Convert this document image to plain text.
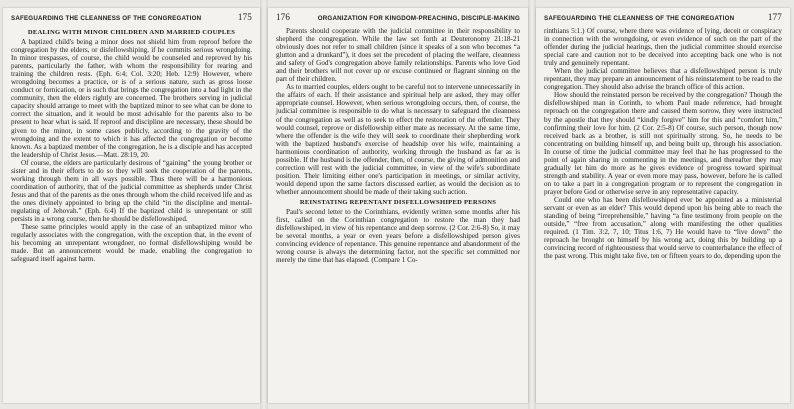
SAFEGUARDING THE CLEANNESS OF THE CONGREGATION	175
DEALING WITH MINOR CHILDREN AND MARRIED COUPLES

A baptized child's being a minor does not shield him from reproof before the congregation by the elders, or disfellowshiping, if he commits serious wrongdoing. In minor trespasses, of course, the child would be counseled and reproved by his parents, particularly the father, with whom the responsibility for rearing and training the children rests. (Eph. 6:4; Col. 3:20; Heb. 12:9) However, where wrongdoing becomes a practice, or is of a serious nature, such as gross loose conduct or fornication, or is such that brings the congregation into a bad light in the community, then the elders rightly are concerned. The brothers serving in judicial capacity should arrange to meet with the baptized minor to see what can be done to correct the situation, and it would be most advisable for the parents also to be present to hear what is said. If reproof and discipline are necessary, these should be given to the minor, in some cases publicly, according to the gravity of the wrongdoing and the extent to which it has affected the congregation or become known. As a baptized member of the congregation, he is a disciple and has accepted the leadership of Christ Jesus.—Matt. 28:19, 20.

Of course, the elders are particularly desirous of “gaining” the young brother or sister and in their efforts to do so they will seek the cooperation of the parents, working through them in all ways possible. Thus there will be a harmonious coordination of authority, that of the judicial committee as shepherds under Christ Jesus and that of the parents as the ones through whom the child received life and as the ones divinely appointed to bring up the child “in the discipline and mental-regulating of Jehovah.” (Eph. 6:4) If the baptized child is unrepentant or still persists in a wrong course, then he should be disfellowshiped.

These same principles would apply in the case of an unbaptized minor who regularly associates with the congregation, with the exception that, in the event of his becoming an unrepentant wrongdoer, no formal disfellowshiping would be made. But an announcement would be made, enabling the congregation to safeguard itself against harm.

176	ORGANIZATION FOR KINGDOM-PREACHING, DISCIPLE-MAKING

Parents should cooperate with the judicial committee in their responsibility to shepherd the congregation. While the law set forth at Deuteronomy 21:18-21 obviously does not refer to small children (since it speaks of a son who becomes “a glutton and a drunkard”), it does set the precedent of placing the welfare, cleanness and safety of God's congregation above family relationships. Parents who love God and their brothers will not cover up or excuse continued or flagrant sinning on the part of their children.

As to married couples, elders ought to be careful not to intervene unnecessarily in the affairs of each. If their assistance and spiritual help are asked, they may offer appropriate counsel. However, when serious wrongdoing occurs, then, of course, the judicial committee is responsible to do what is necessary to safeguard the cleanness of the congregation as well as to seek to effect the restoration of the offender. They would counsel, reprove or disfellowship either mate as necessary. At the same time, where the offender is the wife they will seek to coordinate their shepherding work with the baptized husband's exercise of headship over his wife, maintaining a harmonious coordination of authority, working through the husband as far as is possible. If the husband is the offender, then, of course, the giving of admonition and correction will rest with the judicial committee, in view of the wife's subordinate position. Their limiting either one's participation in meetings, or similar activity, would depend upon the same factors discussed earlier, as would the decision as to whether announcement should be made of their taking such action.

REINSTATING REPENTANT DISFELLOWSHIPED PERSONS

Paul's second letter to the Corinthians, evidently written some months after his first, called on the Corinthian congregation to restore the man they had disfellowshiped, in view of his repentance and deep sorrow. (2 Cor. 2:6-8) So, it may be several months, a year or even years before a disfellowshiped person gives convincing evidence of repentance. This genuine repentance and abandonment of the wrong course is always the determining factor, not the specific set committed nor merely the time that has elapsed. (Compare 1 Co-

SAFEGUARDING THE CLEANNESS OF THE CONGREGATION	177

rinthians 5:1.) Of course, where there was evidence of lying, deceit or conspiracy in connection with the wrongdoing, or even evidence of such on the part of the offender during the judicial hearings, then the judicial committee should exercise special care and caution not to be deceived into accepting back one who is not truly and genuinely repentant.

When the judicial committee believes that a disfellowshiped person is truly repentant, they may prepare an announcement of his reinstatement to be read to the congregation. They should also advise the branch office of this action.

How should the reinstated person be received by the congregation? Though the disfellowshiped man in Corinth, to whom Paul made reference, had brought reproach on the congregation there and caused them sorrow, they were instructed by the apostle that they should “kindly forgive” him for this and “comfort him,” confirming their love for him. (2 Cor. 2:5-8) Of course, such person, though now received back as a brother, is still not spiritually strong. So, he needs to be concentrating on building himself up, and being built up, through his association. In course of time the judicial committee may feel that he has progressed to the point of again sharing in commenting in the meetings, and thereafter they may gradually let him do more as he gives evidence of progress toward spiritual strength and stability. A year or even more may pass, however, before he is called on to take a part in a congregation program or to represent the congregation in prayer before God or otherwise serve in any representative capacity.

Could one who has been disfellowshiped ever be appointed as a ministerial servant or even as an elder? This would depend upon his being able to reach the standing of being “irreprehensible,” having “a fine testimony from people on the outside,” “free from accusation,” along with manifesting the other qualities required. (1 Tim. 3:2, 7, 10; Titus 1:6, 7) He would have to “live down” the reproach he brought on himself by his wrong act, doing this by building up a convincing record of righteousness that would serve to counterbalance the effect of the past wrong. This might take five, ten or fifteen years to do, depending upon the
